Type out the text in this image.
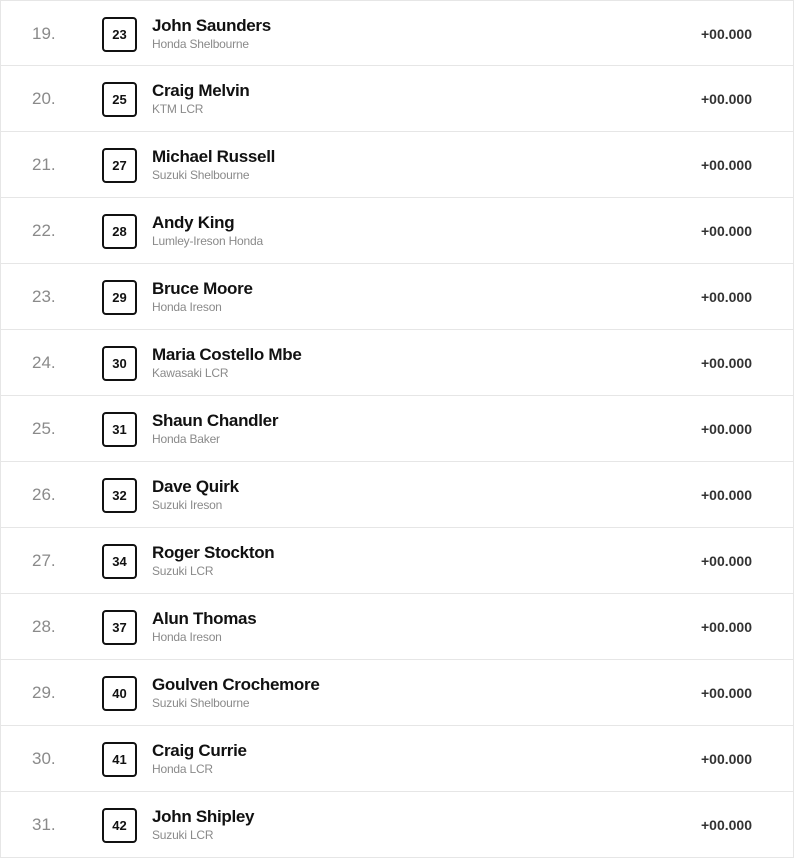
19.	23	John Saunders
Honda Shelbourne
+00.000
20.	25	Craig Melvin
KTM LCR
+00.000
21.	27	Michael Russell
Suzuki Shelbourne
+00.000
22.	28	Andy King
Lumley-Ireson Honda
+00.000
23.	29	Bruce Moore
Honda Ireson
+00.000
24.	30	Maria Costello Mbe
Kawasaki LCR
+00.000
25.	31	Shaun Chandler
Honda Baker
+00.000
26.	32	Dave Quirk
Suzuki Ireson
+00.000
27.	34	Roger Stockton
Suzuki LCR
+00.000
28.	37	Alun Thomas
Honda Ireson
+00.000
29.	40	Goulven Crochemore
Suzuki Shelbourne
+00.000
30.	41	Craig Currie
Honda LCR
+00.000
31.	42	John Shipley
Suzuki LCR
+00.000
